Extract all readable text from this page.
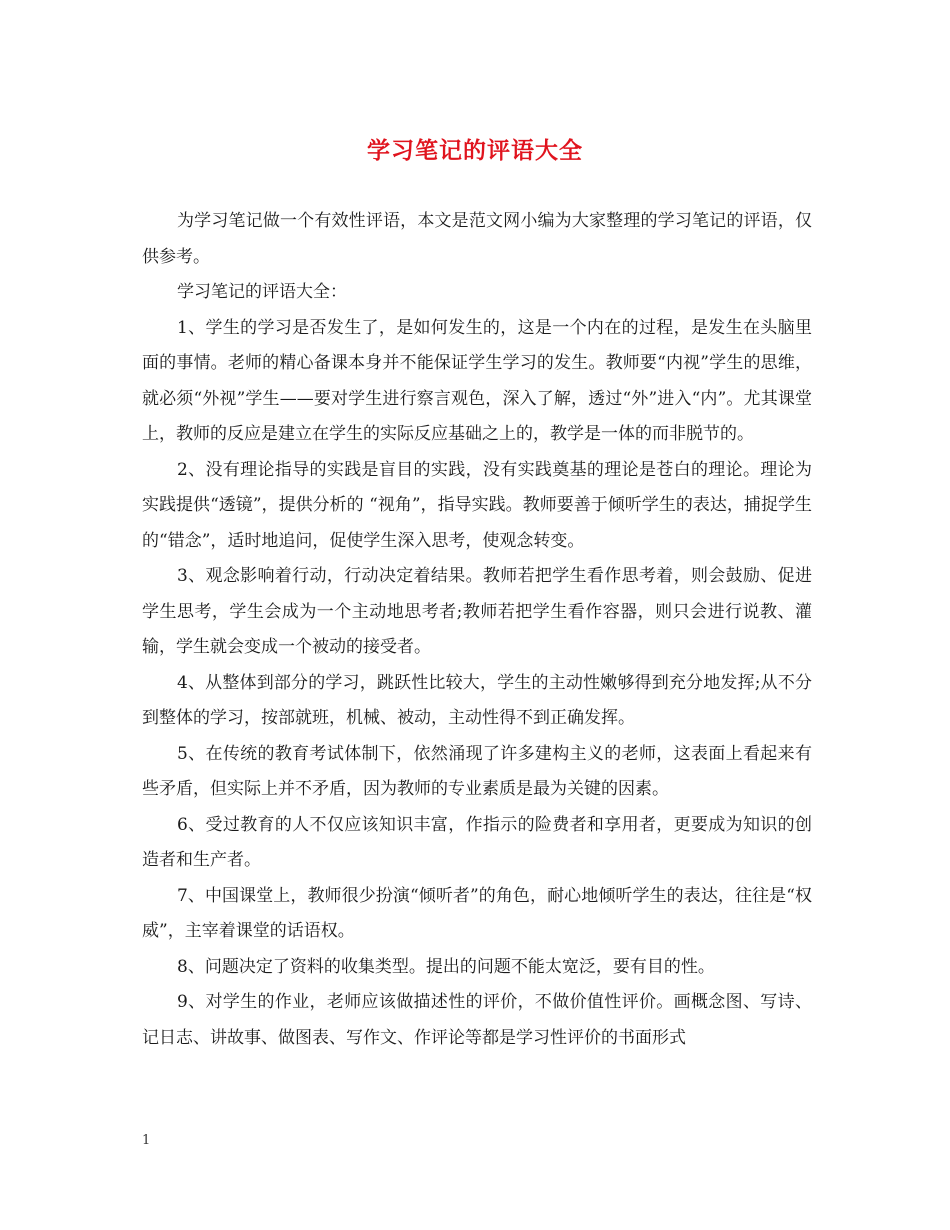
学习笔记的评语大全

为学习笔记做一个有效性评语，本文是范文网小编为大家整理的学习笔记的评语，仅供参考。

学习笔记的评语大全：

1、学生的学习是否发生了，是如何发生的，这是一个内在的过程，是发生在头脑里面的事情。老师的精心备课本身并不能保证学生学习的发生。教师要“内视”学生的思维，就必须“外视”学生——要对学生进行察言观色，深入了解，透过“外”进入“内”。尤其课堂上，教师的反应是建立在学生的实际反应基础之上的，教学是一体的而非脱节的。

2、没有理论指导的实践是盲目的实践，没有实践奠基的理论是苍白的理论。理论为实践提供“透镜”，提供分析的 “视角”，指导实践。教师要善于倾听学生的表达，捕捉学生的“错念”，适时地追问，促使学生深入思考，使观念转变。

3、观念影响着行动，行动决定着结果。教师若把学生看作思考着，则会鼓励、促进学生思考，学生会成为一个主动地思考者;教师若把学生看作容器，则只会进行说教、灌输，学生就会变成一个被动的接受者。

4、从整体到部分的学习，跳跃性比较大，学生的主动性嫩够得到充分地发挥;从不分到整体的学习，按部就班，机械、被动，主动性得不到正确发挥。

5、在传统的教育考试体制下，依然涌现了许多建构主义的老师，这表面上看起来有些矛盾，但实际上并不矛盾，因为教师的专业素质是最为关键的因素。

6、受过教育的人不仅应该知识丰富，作指示的险费者和享用者，更要成为知识的创造者和生产者。

7、中国课堂上，教师很少扮演“倾听者”的角色，耐心地倾听学生的表达，往往是“权威”，主宰着课堂的话语权。

8、问题决定了资料的收集类型。提出的问题不能太宽泛，要有目的性。

9、对学生的作业，老师应该做描述性的评价，不做价值性评价。画概念图、写诗、记日志、讲故事、做图表、写作文、作评论等都是学习性评价的书面形式

1
